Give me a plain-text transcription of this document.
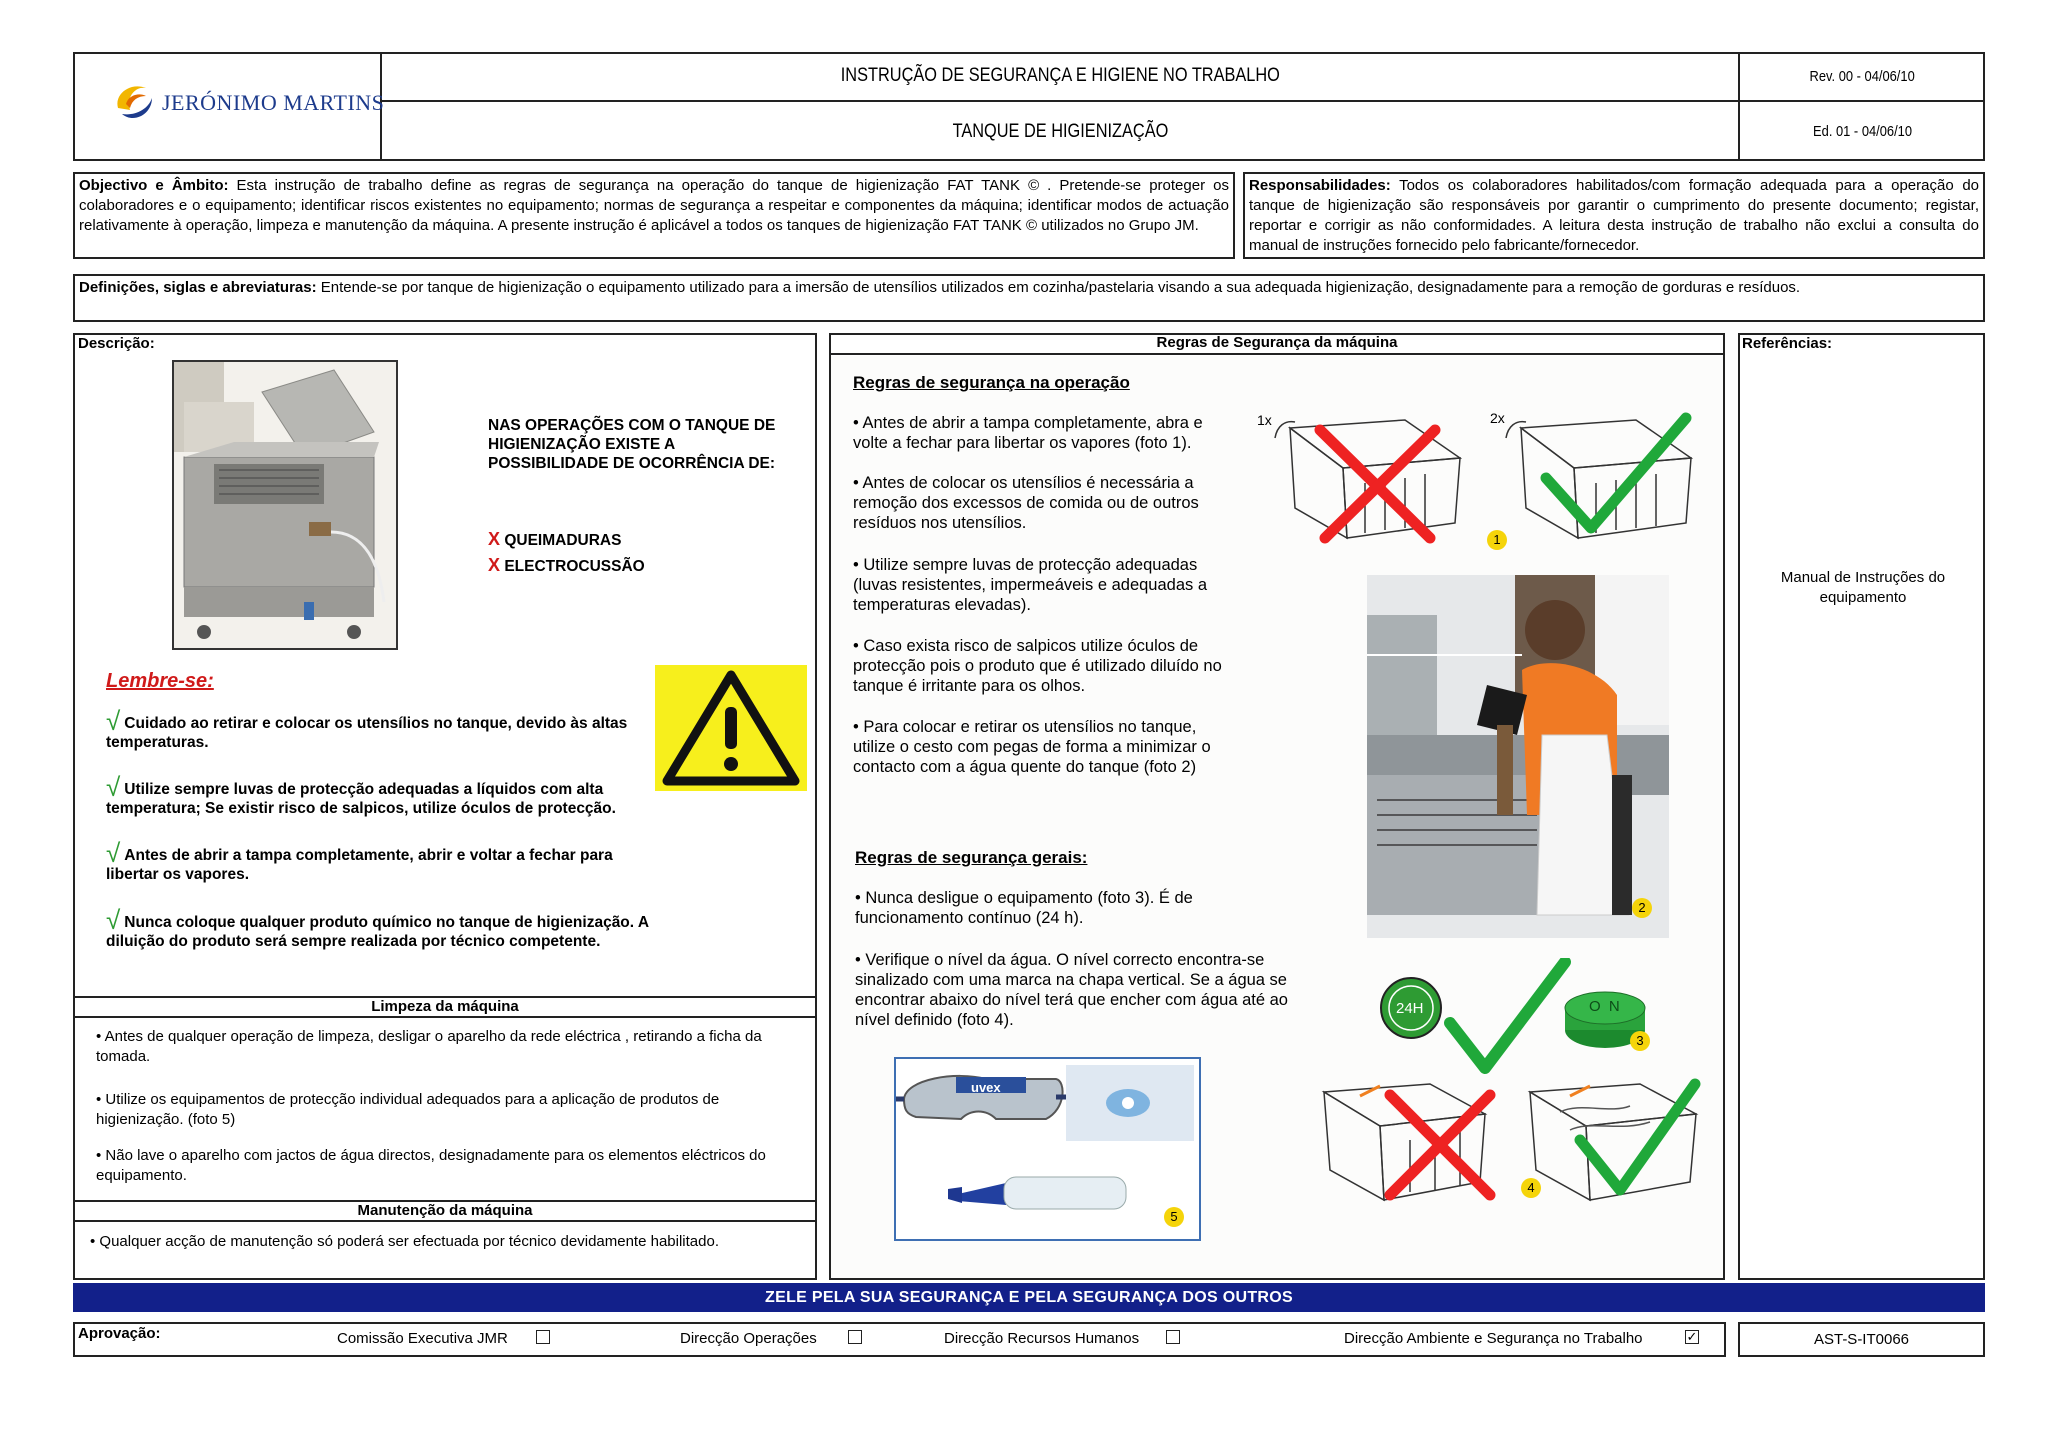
JERÓNIMO MARTINS
INSTRUÇÃO DE SEGURANÇA E HIGIENE NO TRABALHO
TANQUE DE HIGIENIZAÇÃO
Rev. 00 - 04/06/10
Ed. 01 - 04/06/10
Objectivo e Âmbito: Esta instrução de trabalho define as regras de segurança na operação do tanque de higienização FAT TANK © . Pretende-se proteger os colaboradores e o equipamento; identificar riscos existentes no equipamento; normas de segurança a respeitar e componentes da máquina; identificar modos de actuação relativamente à operação, limpeza e manutenção da máquina. A presente instrução é aplicável a todos os tanques de higienização FAT TANK © utilizados no Grupo JM.
Responsabilidades: Todos os colaboradores habilitados/com formação adequada para a operação do tanque de higienização são responsáveis por garantir o cumprimento do presente documento; registar, reportar e corrigir as não conformidades. A leitura desta instrução de trabalho não exclui a consulta do manual de instruções fornecido pelo fabricante/fornecedor.
Definições, siglas e abreviaturas: Entende-se por tanque de higienização o equipamento utilizado para a imersão de utensílios utilizados em cozinha/pastelaria visando a sua adequada higienização, designadamente para a remoção de gorduras e resíduos.
Descrição:
NAS OPERAÇÕES COM O TANQUE DE HIGIENIZAÇÃO EXISTE A POSSIBILIDADE DE OCORRÊNCIA DE:
X QUEIMADURAS
X ELECTROCUSSÃO
Lembre-se:
√ Cuidado ao retirar e colocar os utensílios no tanque, devido às altas temperaturas.
√ Utilize sempre luvas de protecção adequadas a líquidos com alta temperatura; Se existir risco de salpicos, utilize óculos de protecção.
√ Antes de abrir a tampa completamente, abrir e voltar a fechar para libertar os vapores.
√ Nunca coloque qualquer produto químico no tanque de higienização. A diluição do produto será sempre realizada por técnico competente.
Limpeza da máquina
• Antes de qualquer operação de limpeza, desligar o aparelho da rede eléctrica , retirando a ficha da tomada.
• Utilize os equipamentos de protecção individual adequados para a aplicação de produtos de higienização. (foto 5)
• Não lave o aparelho com jactos de água directos, designadamente para os elementos eléctricos do equipamento.
Manutenção da máquina
• Qualquer acção de manutenção só poderá ser efectuada por técnico devidamente habilitado.
Regras de Segurança da máquina
Regras de segurança na operação
• Antes de abrir a tampa completamente, abra e volte a fechar para libertar os vapores (foto 1).
• Antes de colocar os utensílios é necessária a remoção dos excessos de comida ou de outros resíduos nos utensílios.
• Utilize sempre luvas de protecção adequadas (luvas resistentes, impermeáveis e adequadas a temperaturas elevadas).
• Caso exista risco de salpicos utilize óculos de protecção pois o produto que é utilizado diluído no tanque é irritante para os olhos.
• Para colocar e retirar os utensílios no tanque, utilize o cesto com pegas de forma a minimizar o contacto com a água quente do tanque (foto 2)
Regras de segurança gerais:
• Nunca desligue o equipamento (foto 3). É de funcionamento contínuo (24 h).
• Verifique o nível da água. O nível correcto encontra-se sinalizado com uma marca na chapa vertical. Se a água se encontrar abaixo do nível terá que encher com água até ao nível definido (foto 4).
1x
1
2x
2
24H	O N
3
4
uvex
5
Referências:
Manual de Instruções do equipamento
ZELE PELA SUA SEGURANÇA E PELA SEGURANÇA DOS OUTROS
Aprovação:	Comissão Executiva JMR	Direcção Operações	Direcção Recursos Humanos	Direcção Ambiente e Segurança no Trabalho	✓	AST-S-IT0066
